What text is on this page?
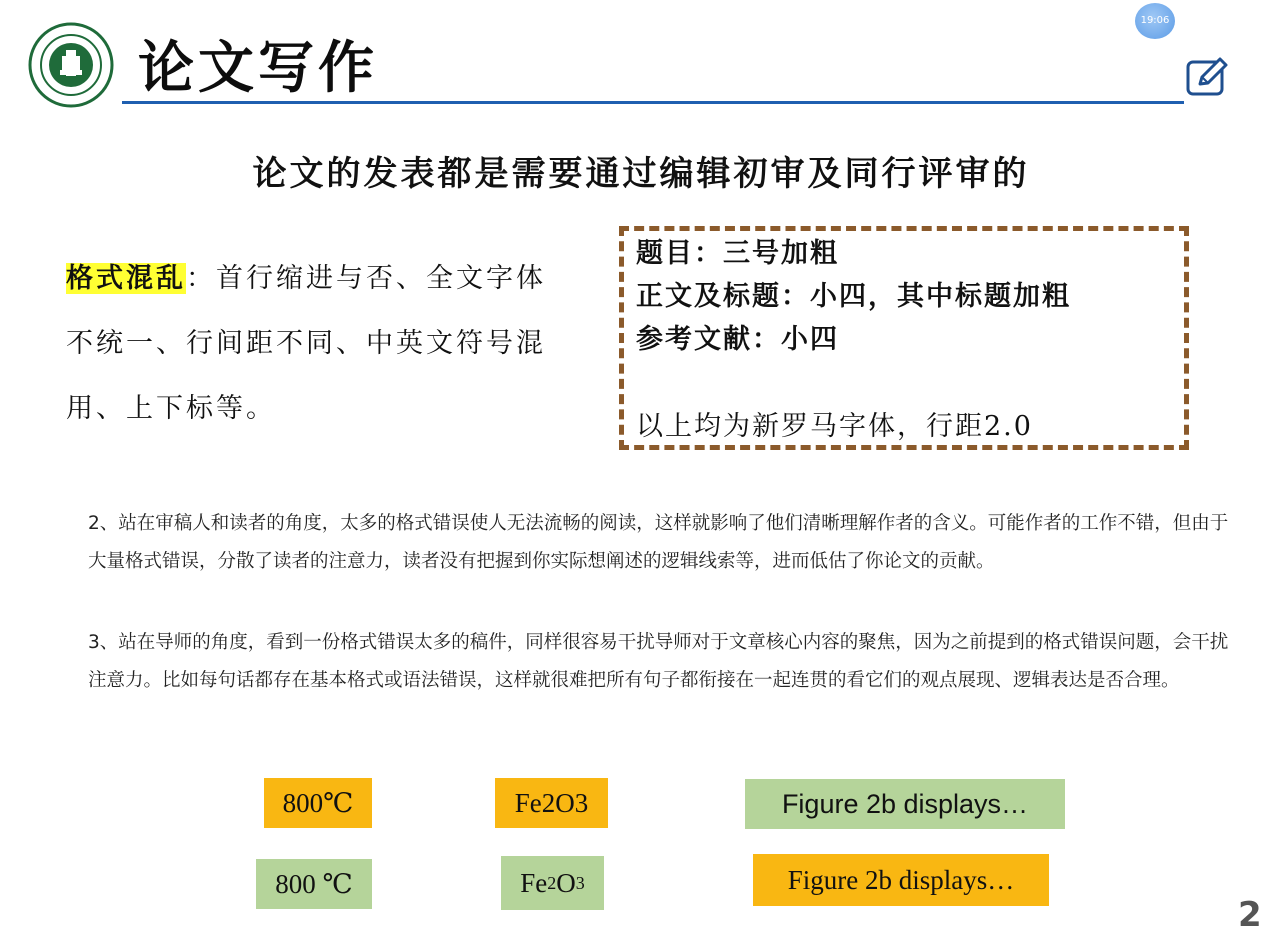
论文写作
19:06
论文的发表都是需要通过编辑初审及同行评审的
格式混乱：首行缩进与否、全文字体不统一、行间距不同、中英文符号混用、上下标等。
题目：三号加粗
正文及标题：小四，其中标题加粗
参考文献：小四
以上均为新罗马字体，行距2.0
2、站在审稿人和读者的角度，太多的格式错误使人无法流畅的阅读，这样就影响了他们清晰理解作者的含义。可能作者的工作不错，但由于大量格式错误，分散了读者的注意力，读者没有把握到你实际想阐述的逻辑线索等，进而低估了你论文的贡献。
3、站在导师的角度，看到一份格式错误太多的稿件，同样很容易干扰导师对于文章核心内容的聚焦，因为之前提到的格式错误问题，会干扰注意力。比如每句话都存在基本格式或语法错误，这样就很难把所有句子都衔接在一起连贯的看它们的观点展现、逻辑表达是否合理。
800℃	Fe2O3	Figure 2b displays…
800 ℃	Fe 2 O 3	Figure 2b displays…
2
